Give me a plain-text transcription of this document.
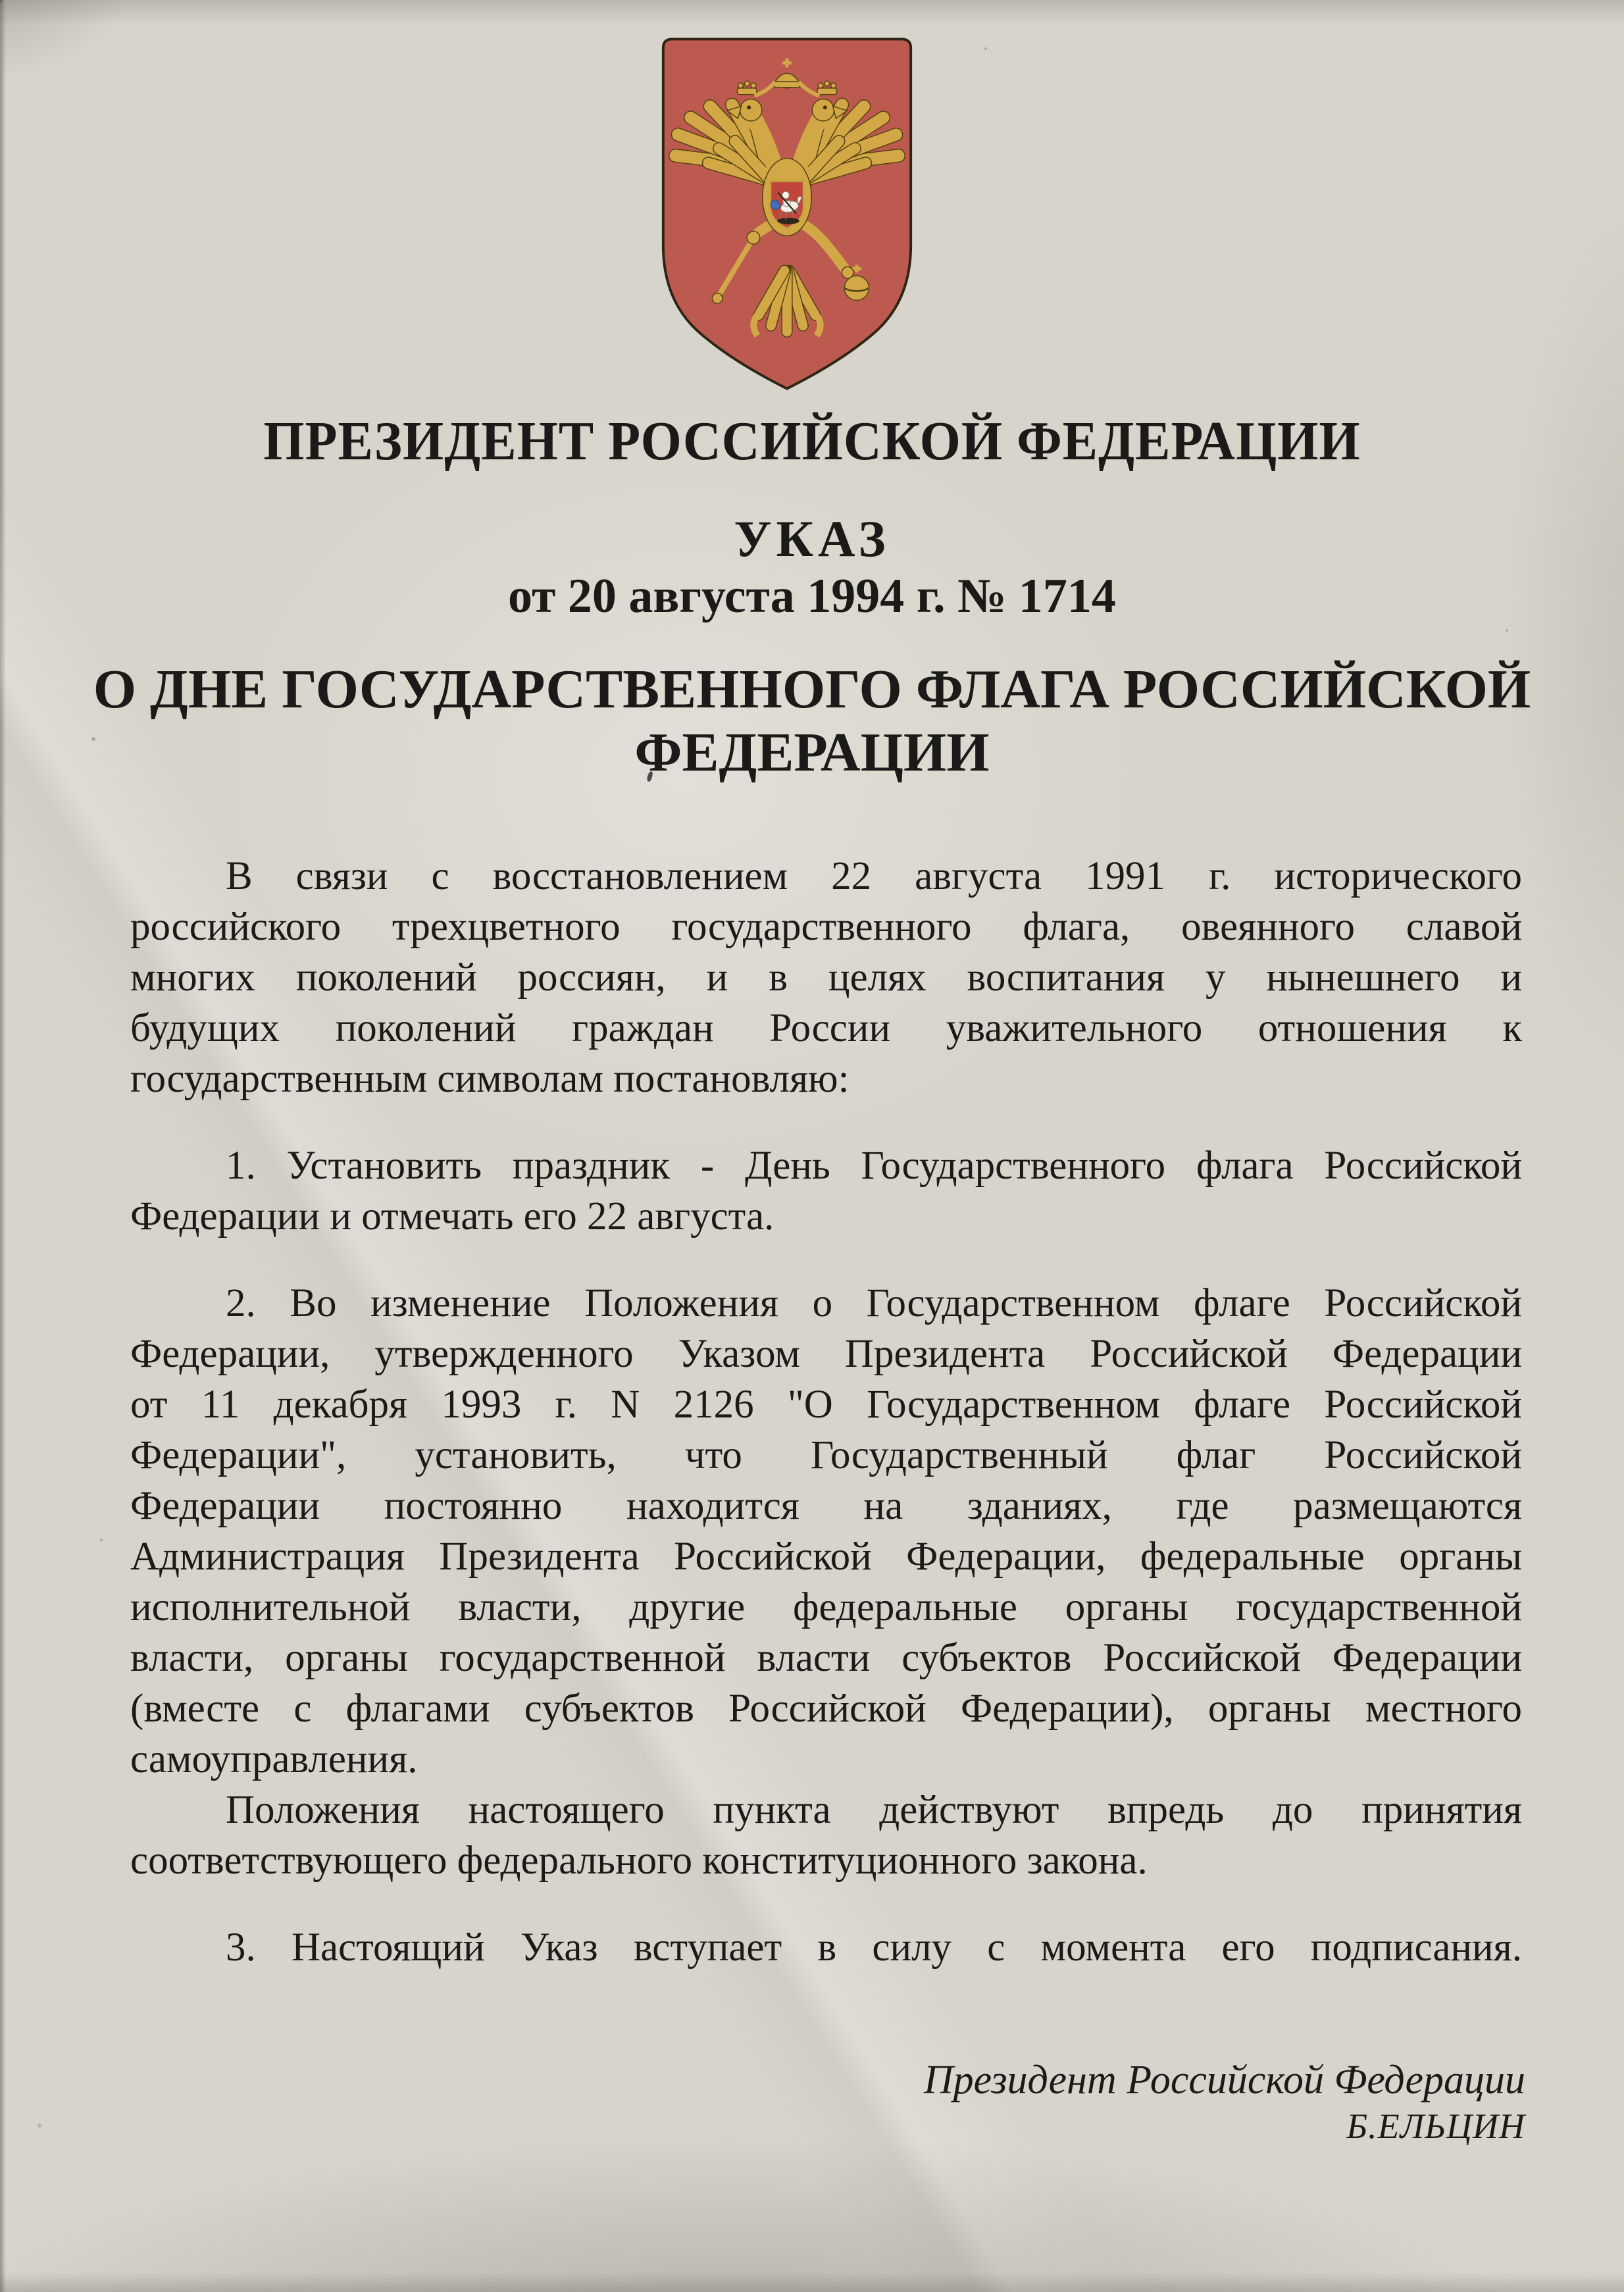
ПРЕЗИДЕНТ РОССИЙСКОЙ ФЕДЕРАЦИИ
УКАЗ
от 20 августа 1994 г. № 1714
О ДНЕ ГОСУДАРСТВЕННОГО ФЛАГА РОССИЙСКОЙ
ФЕДЕРАЦИИ
В связи с восстановлением 22 августа 1991 г. исторического
российского трехцветного государственного флага, овеянного славой
многих поколений россиян, и в целях воспитания у нынешнего и
будущих поколений граждан России уважительного отношения к
государственным символам постановляю:
1. Установить праздник - День Государственного флага Российской
Федерации и отмечать его 22 августа.
2. Во изменение Положения о Государственном флаге Российской
Федерации, утвержденного Указом Президента Российской Федерации
от 11 декабря 1993 г. N 2126 "О Государственном флаге Российской
Федерации", установить, что Государственный флаг Российской
Федерации постоянно находится на зданиях, где размещаются
Администрация Президента Российской Федерации, федеральные органы
исполнительной власти, другие федеральные органы государственной
власти, органы государственной власти субъектов Российской Федерации
(вместе с флагами субъектов Российской Федерации), органы местного
самоуправления.
Положения настоящего пункта действуют впредь до принятия
соответствующего федерального конституционного закона.
3. Настоящий Указ вступает в силу с момента его подписания.
Президент Российской Федерации
Б.ЕЛЬЦИН
